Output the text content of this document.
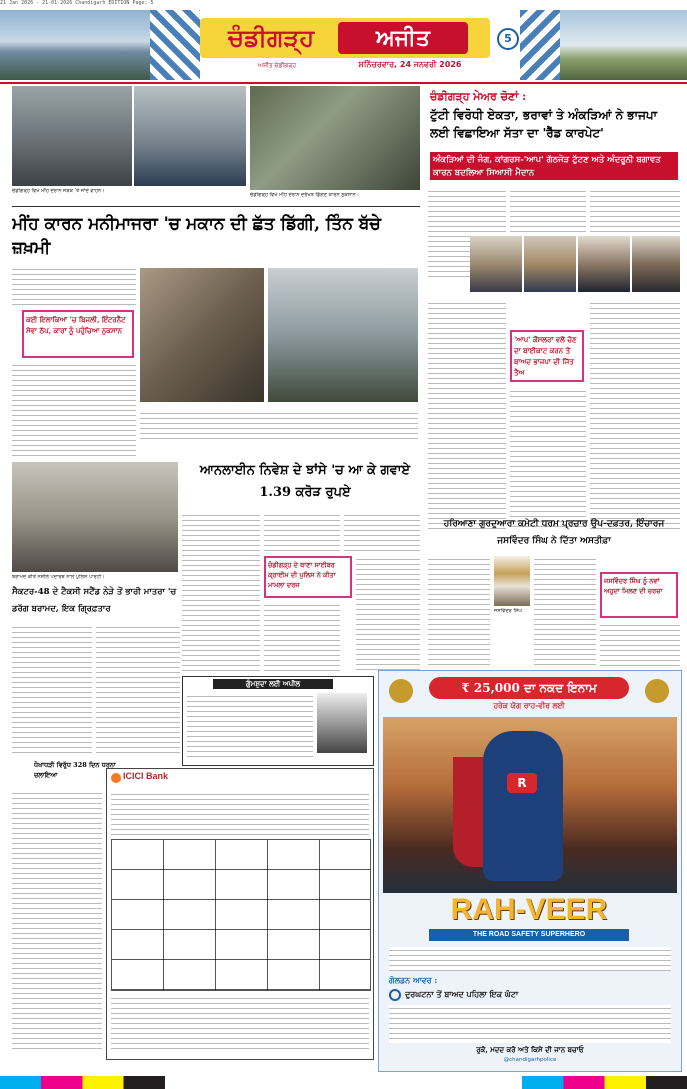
21 Jan 2026 - 21-01-2026 Chandigarh EDITION Page: 5
ਚੰਡੀਗੜ੍ਹ	ਅਜੀਤ	5
ਅਜੀਤ ਚੰਡੀਗੜ੍ਹ	ਸ਼ਨਿੱਚਰਵਾਰ, 24 ਜਨਵਰੀ 2026
ਚੰਡੀਗੜ੍ਹ ਵਿਖੇ ਮੀਂਹ ਦੌਰਾਨ ਸੜਕ 'ਤੇ ਜਾਂਦੇ ਵਾਹਨ।
ਚੰਡੀਗੜ੍ਹ ਵਿਖੇ ਮੀਂਹ ਦੌਰਾਨ ਦਰੱਖਤ ਡਿੱਗਣ ਕਾਰਨ ਨੁਕਸਾਨ।
ਚੰਡੀਗੜ੍ਹ ਮੇਅਰ ਚੋਣਾਂ :
ਟੁੱਟੀ ਵਿਰੋਧੀ ਏਕਤਾ, ਭਰਾਵਾਂ ਤੇ ਅੰਕੜਿਆਂ ਨੇ ਭਾਜਪਾ ਲਈ ਵਿਛਾਇਆ ਸੱਤਾ ਦਾ 'ਰੈੱਡ ਕਾਰਪੇਟ'
ਅੰਕੜਿਆਂ ਦੀ ਜੰਗ, ਕਾਂਗਰਸ-'ਆਪ' ਗੱਠਜੋੜ ਟੁੱਟਣ ਅਤੇ ਅੰਦਰੂਨੀ ਬਗਾਵਤ ਕਾਰਨ ਬਦਲਿਆ ਸਿਆਸੀ ਮੈਦਾਨ
'ਆਪ' ਕੌਂਸਲਰਾਂ ਵਲੋਂ ਚੋਣ ਦਾ ਬਾਈਕਾਟ ਕਰਨ ਤੋਂ ਬਾਅਦ ਭਾਜਪਾ ਦੀ ਜਿੱਤ ਤੈਅ
ਮੀਂਹ ਕਾਰਨ ਮਨੀਮਾਜਰਾ 'ਚ ਮਕਾਨ ਦੀ ਛੱਤ ਡਿੱਗੀ, ਤਿੰਨ ਬੱਚੇ ਜ਼ਖ਼ਮੀ
ਕਈ ਇਲਾਕਿਆਂ 'ਚ ਬਿਜਲੀ, ਇੰਟਰਨੈੱਟ ਸੇਵਾ ਠੱਪ, ਕਾਰਾਂ ਨੂੰ ਪਹੁੰਚਿਆ ਨੁਕਸਾਨ
ਬਰਾਮਦ ਕੀਤੇ ਨਸ਼ੀਲੇ ਪਦਾਰਥ ਨਾਲ ਪੁਲਿਸ ਪਾਰਟੀ।
ਸੈਕਟਰ-48 ਦੇ ਟੈਕਸੀ ਸਟੈਂਡ ਨੇੜੇ ਤੋਂ ਭਾਰੀ ਮਾਤਰਾ 'ਚ ਡਰੱਗ ਬਰਾਮਦ, ਇਕ ਗ੍ਰਿਫ਼ਤਾਰ
ਆਨਲਾਈਨ ਨਿਵੇਸ਼ ਦੇ ਝਾਂਸੇ 'ਚ ਆ ਕੇ ਗਵਾਏ 1.39 ਕਰੋੜ ਰੁਪਏ
ਚੰਡੀਗੜ੍ਹ ਦੇ ਥਾਣਾ ਸਾਈਬਰ ਕ੍ਰਾਈਮ ਦੀ ਪੁਲਿਸ ਨੇ ਕੀਤਾ ਮਾਮਲਾ ਦਰਜ
ਹਰਿਆਣਾ ਗੁਰਦੁਆਰਾ ਕਮੇਟੀ ਧਰਮ ਪ੍ਰਚਾਰ ਉਪ-ਦਫ਼ਤਰ, ਇੰਚਾਰਜ ਜਸਵਿੰਦਰ ਸਿੰਘ ਨੇ ਦਿੱਤਾ ਅਸਤੀਫ਼ਾ
ਜਸਵਿੰਦਰ ਸਿੰਘ
ਜਸਵਿੰਦਰ ਸਿੰਘ ਨੂੰ ਨਵਾਂ ਅਹੁਦਾ ਮਿਲਣ ਦੀ ਚਰਚਾ
ਗੁੰਮਸ਼ੁਦਾ ਲਈ ਅਪੀਲ
ਧੋਖਾਧੜੀ ਵਿਰੁੱਧ 328 ਦਿਨ ਧਰਨਾ ਚਲਾਇਆ	ICICI Bank
₹ 25,000 ਦਾ ਨਕਦ ਇਨਾਮ
ਹਰੇਕ ਯੋਗ ਰਾਹ-ਵੀਰ ਲਈ
R
RAH-VEER
THE ROAD SAFETY SUPERHERO
ਗੋਲਡਨ ਆਵਰ :
ਦੁਰਘਟਨਾ ਤੋਂ ਬਾਅਦ ਪਹਿਲਾ ਇਕ ਘੰਟਾ
ਰੁਕੋ, ਮਦਦ ਕਰੋ ਅਤੇ ਕਿਸੇ ਦੀ ਜਾਨ ਬਚਾਓ
@chandigarhpolice
